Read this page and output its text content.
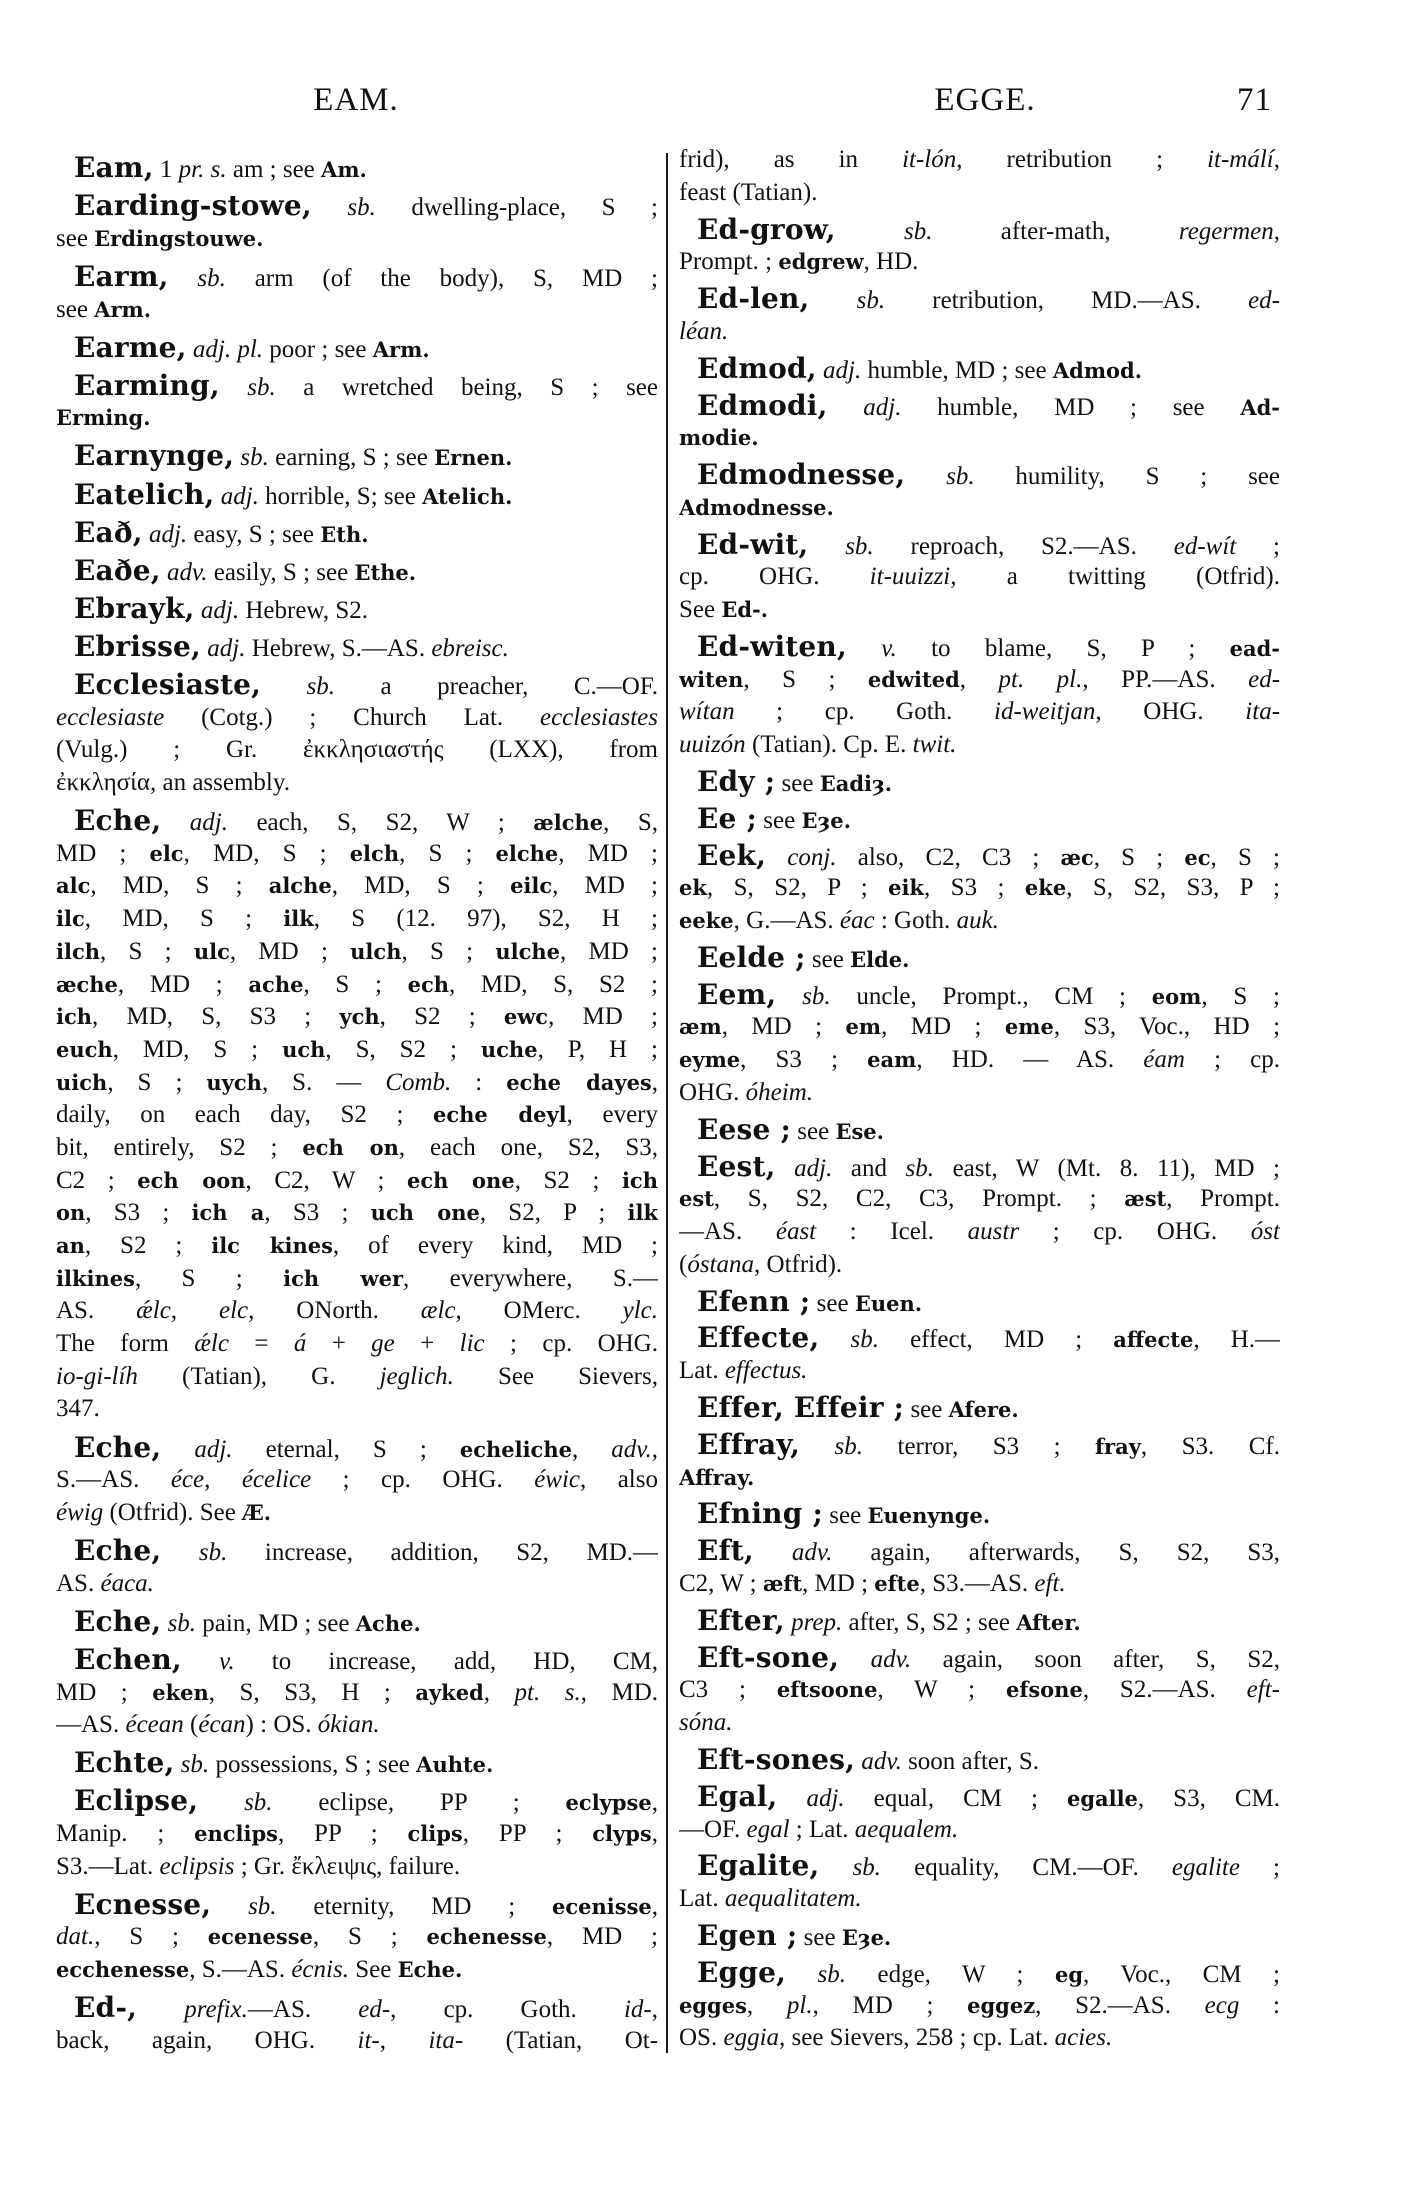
EAM.	EGGE.	71
Eam, 1 pr. s. am ; see Am.
Earding-stowe, sb. dwelling-place, S ;
see Erdingstouwe.
Earm, sb. arm (of the body), S, MD ;
see Arm.
Earme, adj. pl. poor ; see Arm.
Earming, sb. a wretched being, S ; see
Erming.
Earnynge, sb. earning, S ; see Ernen.
Eatelich, adj. horrible, S; see Atelich.
Eað, adj. easy, S ; see Eth.
Eaðe, adv. easily, S ; see Ethe.
Ebrayk, adj. Hebrew, S2.
Ebrisse, adj. Hebrew, S.—AS. ebreisc.
Ecclesiaste, sb. a preacher, C.—OF.
ecclesiaste (Cotg.) ; Church Lat. ecclesiastes
(Vulg.) ; Gr. ἐκκλησιαστής (LXX), from
ἐκκλησία, an assembly.
Eche, adj. each, S, S2, W ; ælche, S,
MD ; elc, MD, S ; elch, S ; elche, MD ;
alc, MD, S ; alche, MD, S ; eilc, MD ;
ilc, MD, S ; ilk, S (12. 97), S2, H ;
ilch, S ; ulc, MD ; ulch, S ; ulche, MD ;
æche, MD ; ache, S ; ech, MD, S, S2 ;
ich, MD, S, S3 ; ych, S2 ; ewc, MD ;
euch, MD, S ; uch, S, S2 ; uche, P, H ;
uich, S ; uych, S. — Comb. : eche dayes,
daily, on each day, S2 ; eche deyl, every
bit, entirely, S2 ; ech on, each one, S2, S3,
C2 ; ech oon, C2, W ; ech one, S2 ; ich
on, S3 ; ich a, S3 ; uch one, S2, P ; ilk
an, S2 ; ilc kines, of every kind, MD ;
ilkines, S ; ich wer, everywhere, S.—
AS. ǽlc, elc, ONorth. ælc, OMerc. ylc.
The form ǽlc = á + ge + lic ; cp. OHG.
io-gi-líh (Tatian), G. jeglich. See Sievers,
347.
Eche, adj. eternal, S ; echeliche, adv.,
S.—AS. éce, écelice ; cp. OHG. éwic, also
éwig (Otfrid). See Æ.
Eche, sb. increase, addition, S2, MD.—
AS. éaca.
Eche, sb. pain, MD ; see Ache.
Echen, v. to increase, add, HD, CM,
MD ; eken, S, S3, H ; ayked, pt. s., MD.
—AS. écean (écan) : OS. ókian.
Echte, sb. possessions, S ; see Auhte.
Eclipse, sb. eclipse, PP ; eclypse,
Manip. ; enclips, PP ; clips, PP ; clyps,
S3.—Lat. eclipsis ; Gr. ἔκλειψις, failure.
Ecnesse, sb. eternity, MD ; ecenisse,
dat., S ; ecenesse, S ; echenesse, MD ;
ecchenesse, S.—AS. écnis. See Eche.
Ed-, prefix.—AS. ed-, cp. Goth. id-,
back, again, OHG. it-, ita- (Tatian, Ot-
frid), as in it-lón, retribution ; it-málí,
feast (Tatian).
Ed-grow,	sb. after-math, regermen,
Prompt. ; edgrew, HD.
Ed-len, sb. retribution, MD.—AS. ed-
léan.
Edmod, adj. humble, MD ; see Admod.
Edmodi, adj. humble, MD ; see Ad-
modie.
Edmodnesse, sb. humility, S ; see
Admodnesse.
Ed-wit, sb. reproach, S2.—AS. ed-wít ;
cp. OHG. it-uuizzi, a twitting (Otfrid).
See Ed-.
Ed-witen, v. to blame, S, P ; ead-
witen, S ; edwited, pt. pl., PP.—AS. ed-
wítan ; cp. Goth. id-weitjan, OHG. ita-
uuizón (Tatian). Cp. E. twit.
Edy ; see Eadiȝ.
Ee ; see Eȝe.
Eek, conj. also, C2, C3 ; æc, S ; ec, S ;
ek, S, S2, P ; eik, S3 ; eke, S, S2, S3, P ;
eeke, G.—AS. éac : Goth. auk.
Eelde ; see Elde.
Eem, sb. uncle, Prompt., CM ; eom, S ;
æm, MD ; em, MD ; eme, S3, Voc., HD ;
eyme, S3 ; eam, HD. — AS. éam ; cp.
OHG. óheim.
Eese ; see Ese.
Eest, adj. and sb. east, W (Mt. 8. 11), MD ;
est, S, S2, C2, C3, Prompt. ; æst, Prompt.
—AS. éast : Icel. austr ; cp. OHG. óst
(óstana, Otfrid).
Efenn ; see Euen.
Effecte, sb. effect, MD ; affecte, H.—
Lat. effectus.
Effer, Effeir ; see Afere.
Effray, sb. terror, S3 ; fray, S3. Cf.
Affray.
Efning ; see Euenynge.
Eft, adv. again, afterwards, S, S2, S3,
C2, W ; æft, MD ; efte, S3.—AS. eft.
Efter, prep. after, S, S2 ; see After.
Eft-sone, adv. again, soon after, S, S2,
C3 ; eftsoone, W ; efsone, S2.—AS. eft-
sóna.
Eft-sones, adv. soon after, S.
Egal, adj. equal, CM ; egalle, S3, CM.
—OF. egal ; Lat. aequalem.
Egalite, sb. equality, CM.—OF. egalite ;
Lat. aequalitatem.
Egen ; see Eȝe.
Egge, sb. edge, W ; eg, Voc., CM ;
egges, pl., MD ; eggez, S2.—AS. ecg :
OS. eggia, see Sievers, 258 ; cp. Lat. acies.
